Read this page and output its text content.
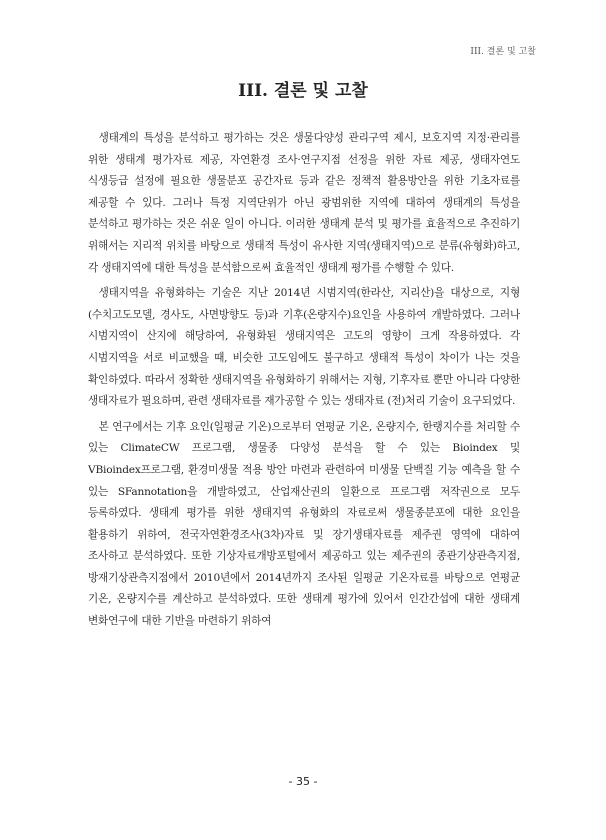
III. 결론 및 고찰
III. 결론 및 고찰

생태계의 특성을 분석하고 평가하는 것은 생물다양성 관리구역 제시, 보호지역 지정·관리를 위한 생태계 평가자료 제공, 자연환경 조사·연구지점 선정을 위한 자료 제공, 생태자연도 식생등급 설정에 필요한 생물분포 공간자료 등과 같은 정책적 활용방안을 위한 기초자료를 제공할 수 있다. 그러나 특정 지역단위가 아닌 광범위한 지역에 대하여 생태계의 특성을 분석하고 평가하는 것은 쉬운 일이 아니다. 이러한 생태계 분석 및 평가를 효율적으로 추진하기 위해서는 지리적 위치를 바탕으로 생태적 특성이 유사한 지역(생태지역)으로 분류(유형화)하고, 각 생태지역에 대한 특성을 분석함으로써 효율적인 생태계 평가를 수행할 수 있다.

생태지역을 유형화하는 기술은 지난 2014년 시범지역(한라산, 지리산)을 대상으로, 지형(수치고도모델, 경사도, 사면방향도 등)과 기후(온량지수)요인을 사용하여 개발하였다. 그러나 시범지역이 산지에 해당하여, 유형화된 생태지역은 고도의 영향이 크게 작용하였다. 각 시범지역을 서로 비교했을 때, 비슷한 고도임에도 불구하고 생태적 특성이 차이가 나는 것을 확인하였다. 따라서 정확한 생태지역을 유형화하기 위해서는 지형, 기후자료 뿐만 아니라 다양한 생태자료가 필요하며, 관련 생태자료를 재가공할 수 있는 생태자료 (전)처리 기술이 요구되었다.

본 연구에서는 기후 요인(일평균 기온)으로부터 연평균 기온, 온량지수, 한랭지수를 처리할 수 있는 ClimateCW 프로그램, 생물종 다양성 분석을 할 수 있는 Bioindex 및 VBioindex프로그램, 환경미생물 적용 방안 마련과 관련하여 미생물 단백질 기능 예측을 할 수 있는 SFannotation을 개발하였고, 산업재산권의 일환으로 프로그램 저작권으로 모두 등록하였다. 생태계 평가를 위한 생태지역 유형화의 자료로써 생물종분포에 대한 요인을 활용하기 위하여, 전국자연환경조사(3차)자료 및 장기생태자료를 제주권 영역에 대하여 조사하고 분석하였다. 또한 기상자료개방포털에서 제공하고 있는 제주권의 종관기상관측지점, 방재기상관측지점에서 2010년에서 2014년까지 조사된 일평균 기온자료를 바탕으로 연평균 기온, 온량지수를 계산하고 분석하였다. 또한 생태계 평가에 있어서 인간간섭에 대한 생태계 변화연구에 대한 기반을 마련하기 위하여

- 35 -
